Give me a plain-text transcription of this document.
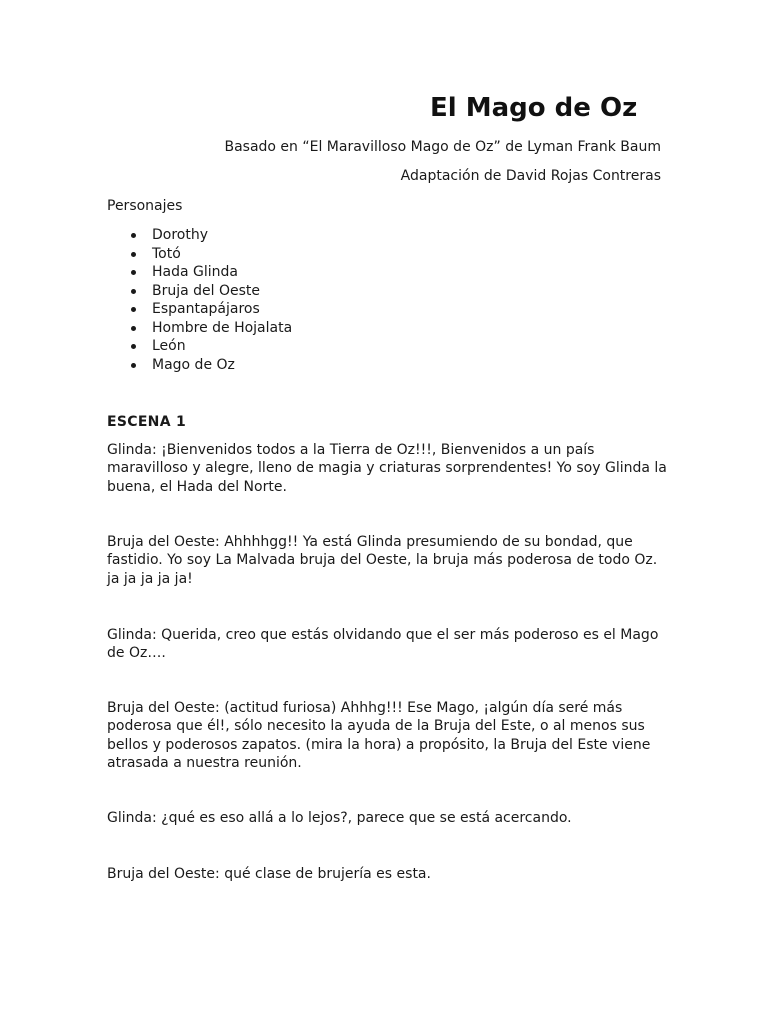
El Mago de Oz
Basado en “El Maravilloso Mago de Oz” de Lyman Frank Baum
Adaptación de David Rojas Contreras
Personajes
Dorothy
Totó
Hada Glinda
Bruja del Oeste
Espantapájaros
Hombre de Hojalata
León
Mago de Oz
ESCENA 1

Glinda: ¡Bienvenidos todos a la Tierra de Oz!!!, Bienvenidos a un país maravilloso y alegre, lleno de magia y criaturas sorprendentes! Yo soy Glinda la buena, el Hada del Norte.

Bruja del Oeste: Ahhhhgg!! Ya está Glinda presumiendo de su bondad, que fastidio. Yo soy La Malvada bruja del Oeste, la bruja más poderosa de todo Oz. ja ja ja ja ja!

Glinda: Querida, creo que estás olvidando que el ser más poderoso es el Mago de Oz….

Bruja del Oeste: (actitud furiosa) Ahhhg!!! Ese Mago, ¡algún día seré más poderosa que él!, sólo necesito la ayuda de la Bruja del Este, o al menos sus bellos y poderosos zapatos. (mira la hora) a propósito, la Bruja del Este viene atrasada a nuestra reunión.

Glinda: ¿qué es eso allá a lo lejos?, parece que se está acercando.

Bruja del Oeste: qué clase de brujería es esta.
